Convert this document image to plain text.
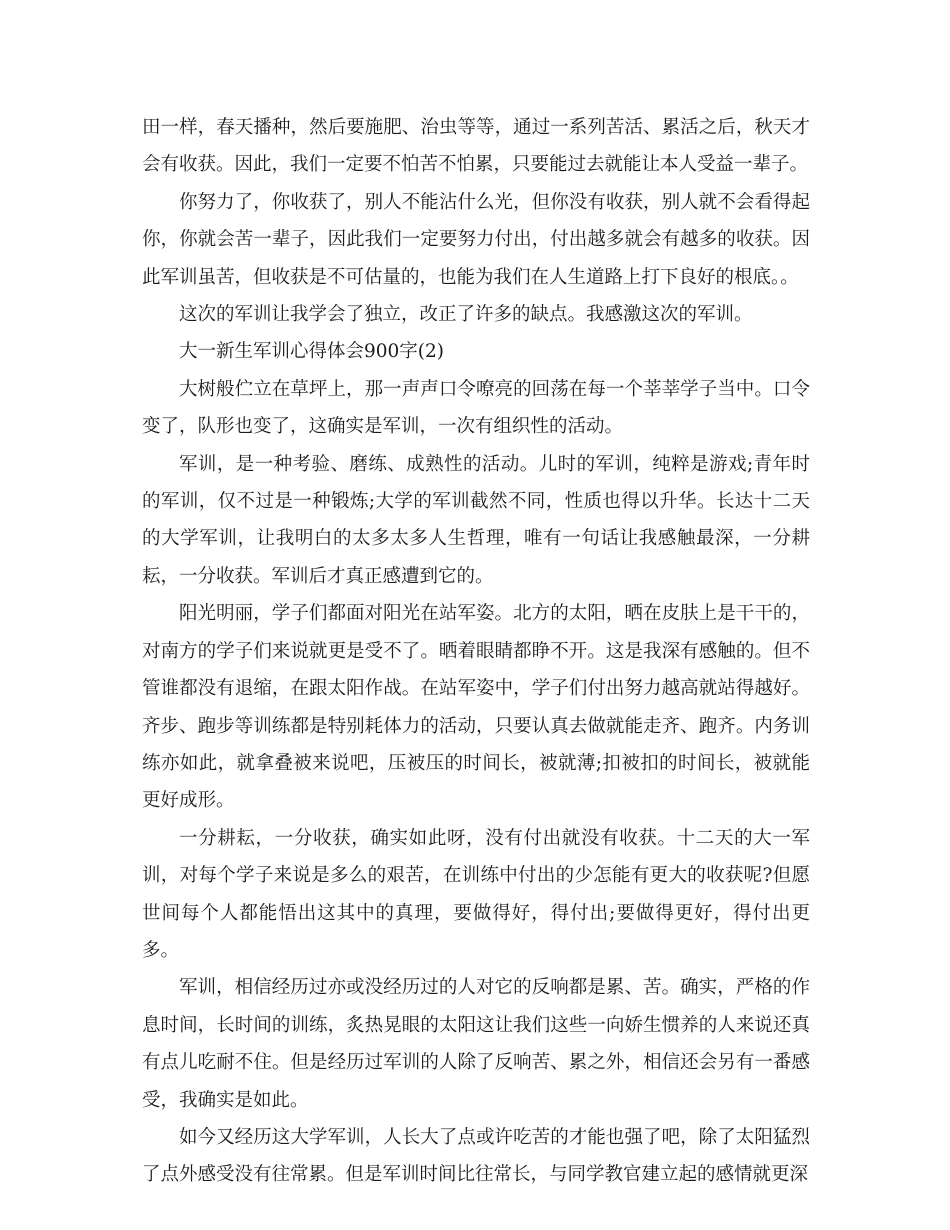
田一样，春天播种，然后要施肥、治虫等等，通过一系列苦活、累活之后，秋天才会有收获。因此，我们一定要不怕苦不怕累，只要能过去就能让本人受益一辈子。

你努力了，你收获了，别人不能沾什么光，但你没有收获，别人就不会看得起你，你就会苦一辈子，因此我们一定要努力付出，付出越多就会有越多的收获。因此军训虽苦，但收获是不可估量的，也能为我们在人生道路上打下良好的根底。。

这次的军训让我学会了独立，改正了许多的缺点。我感激这次的军训。

大一新生军训心得体会900字(2)

大树般伫立在草坪上，那一声声口令嘹亮的回荡在每一个莘莘学子当中。口令变了，队形也变了，这确实是军训，一次有组织性的活动。

军训，是一种考验、磨练、成熟性的活动。儿时的军训，纯粹是游戏;青年时的军训，仅不过是一种锻炼;大学的军训截然不同，性质也得以升华。长达十二天的大学军训，让我明白的太多太多人生哲理，唯有一句话让我感触最深，一分耕耘，一分收获。军训后才真正感遭到它的。

阳光明丽，学子们都面对阳光在站军姿。北方的太阳，晒在皮肤上是干干的，对南方的学子们来说就更是受不了。晒着眼睛都睁不开。这是我深有感触的。但不管谁都没有退缩，在跟太阳作战。在站军姿中，学子们付出努力越高就站得越好。齐步、跑步等训练都是特别耗体力的活动，只要认真去做就能走齐、跑齐。内务训练亦如此，就拿叠被来说吧，压被压的时间长，被就薄;扣被扣的时间长，被就能更好成形。

一分耕耘，一分收获，确实如此呀，没有付出就没有收获。十二天的大一军训，对每个学子来说是多么的艰苦，在训练中付出的少怎能有更大的收获呢?但愿世间每个人都能悟出这其中的真理，要做得好，得付出;要做得更好，得付出更多。

军训，相信经历过亦或没经历过的人对它的反响都是累、苦。确实，严格的作息时间，长时间的训练，炙热晃眼的太阳这让我们这些一向娇生惯养的人来说还真有点儿吃耐不住。但是经历过军训的人除了反响苦、累之外，相信还会另有一番感受，我确实是如此。

如今又经历这大学军训，人长大了点或许吃苦的才能也强了吧，除了太阳猛烈了点外感受没有往常累。但是军训时间比往常长，与同学教官建立起的感情就更深
